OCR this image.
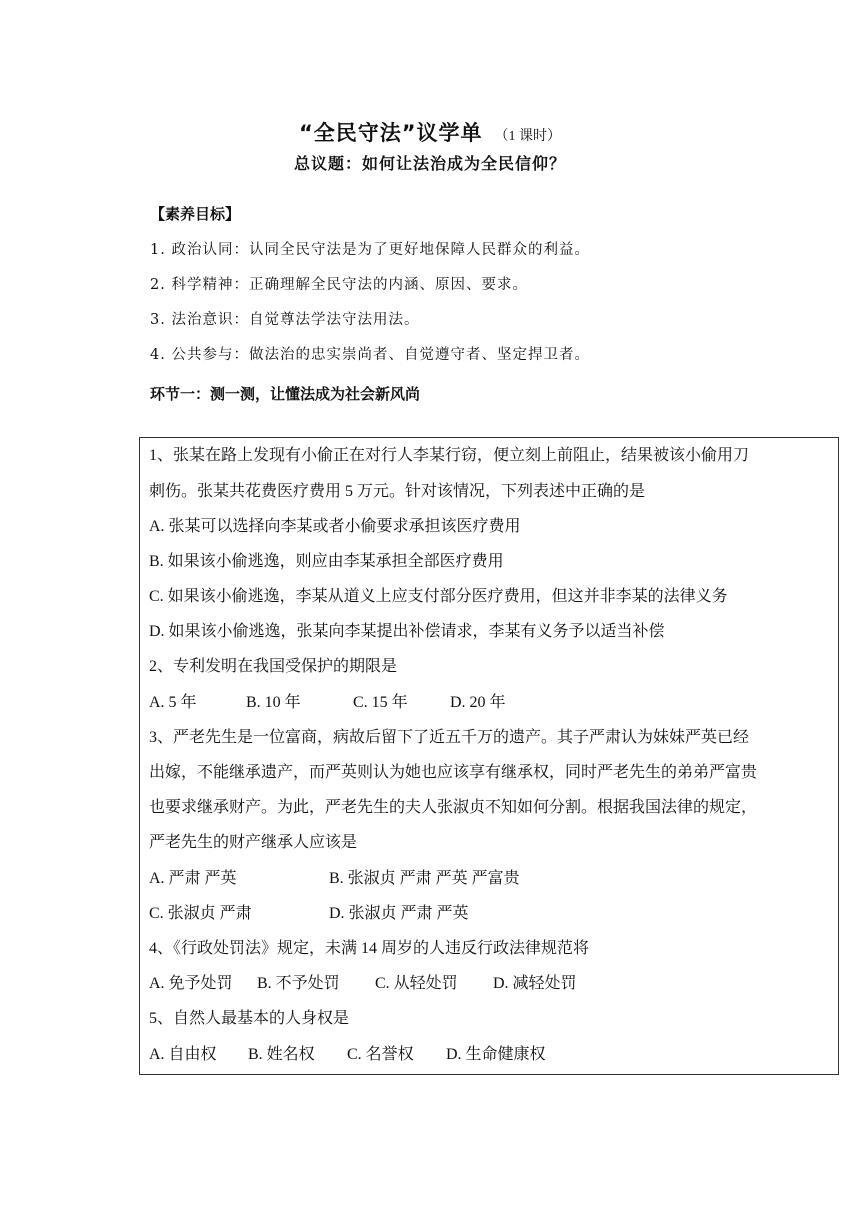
“全民守法”议学单 （1 课时）
总议题：如何让法治成为全民信仰？
【素养目标】
1. 政治认同：认同全民守法是为了更好地保障人民群众的利益。
2. 科学精神：正确理解全民守法的内涵、原因、要求。
3. 法治意识：自觉尊法学法守法用法。
4. 公共参与：做法治的忠实崇尚者、自觉遵守者、坚定捍卫者。
环节一：测一测，让懂法成为社会新风尚
1、张某在路上发现有小偷正在对行人李某行窃，便立刻上前阻止，结果被该小偷用刀
刺伤。张某共花费医疗费用 5 万元。针对该情况，下列表述中正确的是
A. 张某可以选择向李某或者小偷要求承担该医疗费用
B. 如果该小偷逃逸，则应由李某承担全部医疗费用
C. 如果该小偷逃逸，李某从道义上应支付部分医疗费用，但这并非李某的法律义务
D. 如果该小偷逃逸，张某向李某提出补偿请求，李某有义务予以适当补偿
2、专利发明在我国受保护的期限是
A. 5 年	B. 10 年	C. 15 年	D. 20 年
3、严老先生是一位富商，病故后留下了近五千万的遗产。其子严肃认为妹妹严英已经
出嫁，不能继承遗产，而严英则认为她也应该享有继承权，同时严老先生的弟弟严富贵
也要求继承财产。为此，严老先生的夫人张淑贞不知如何分割。根据我国法律的规定，
严老先生的财产继承人应该是
A. 严肃 严英	B. 张淑贞 严肃 严英 严富贵
C. 张淑贞 严肃	D. 张淑贞 严肃 严英
4、《行政处罚法》规定，未满 14 周岁的人违反行政法律规范将
A. 免予处罚 B. 不予处罚 C. 从轻处罚 D. 减轻处罚
5、自然人最基本的人身权是
A. 自由权 B. 姓名权 C. 名誉权 D. 生命健康权
